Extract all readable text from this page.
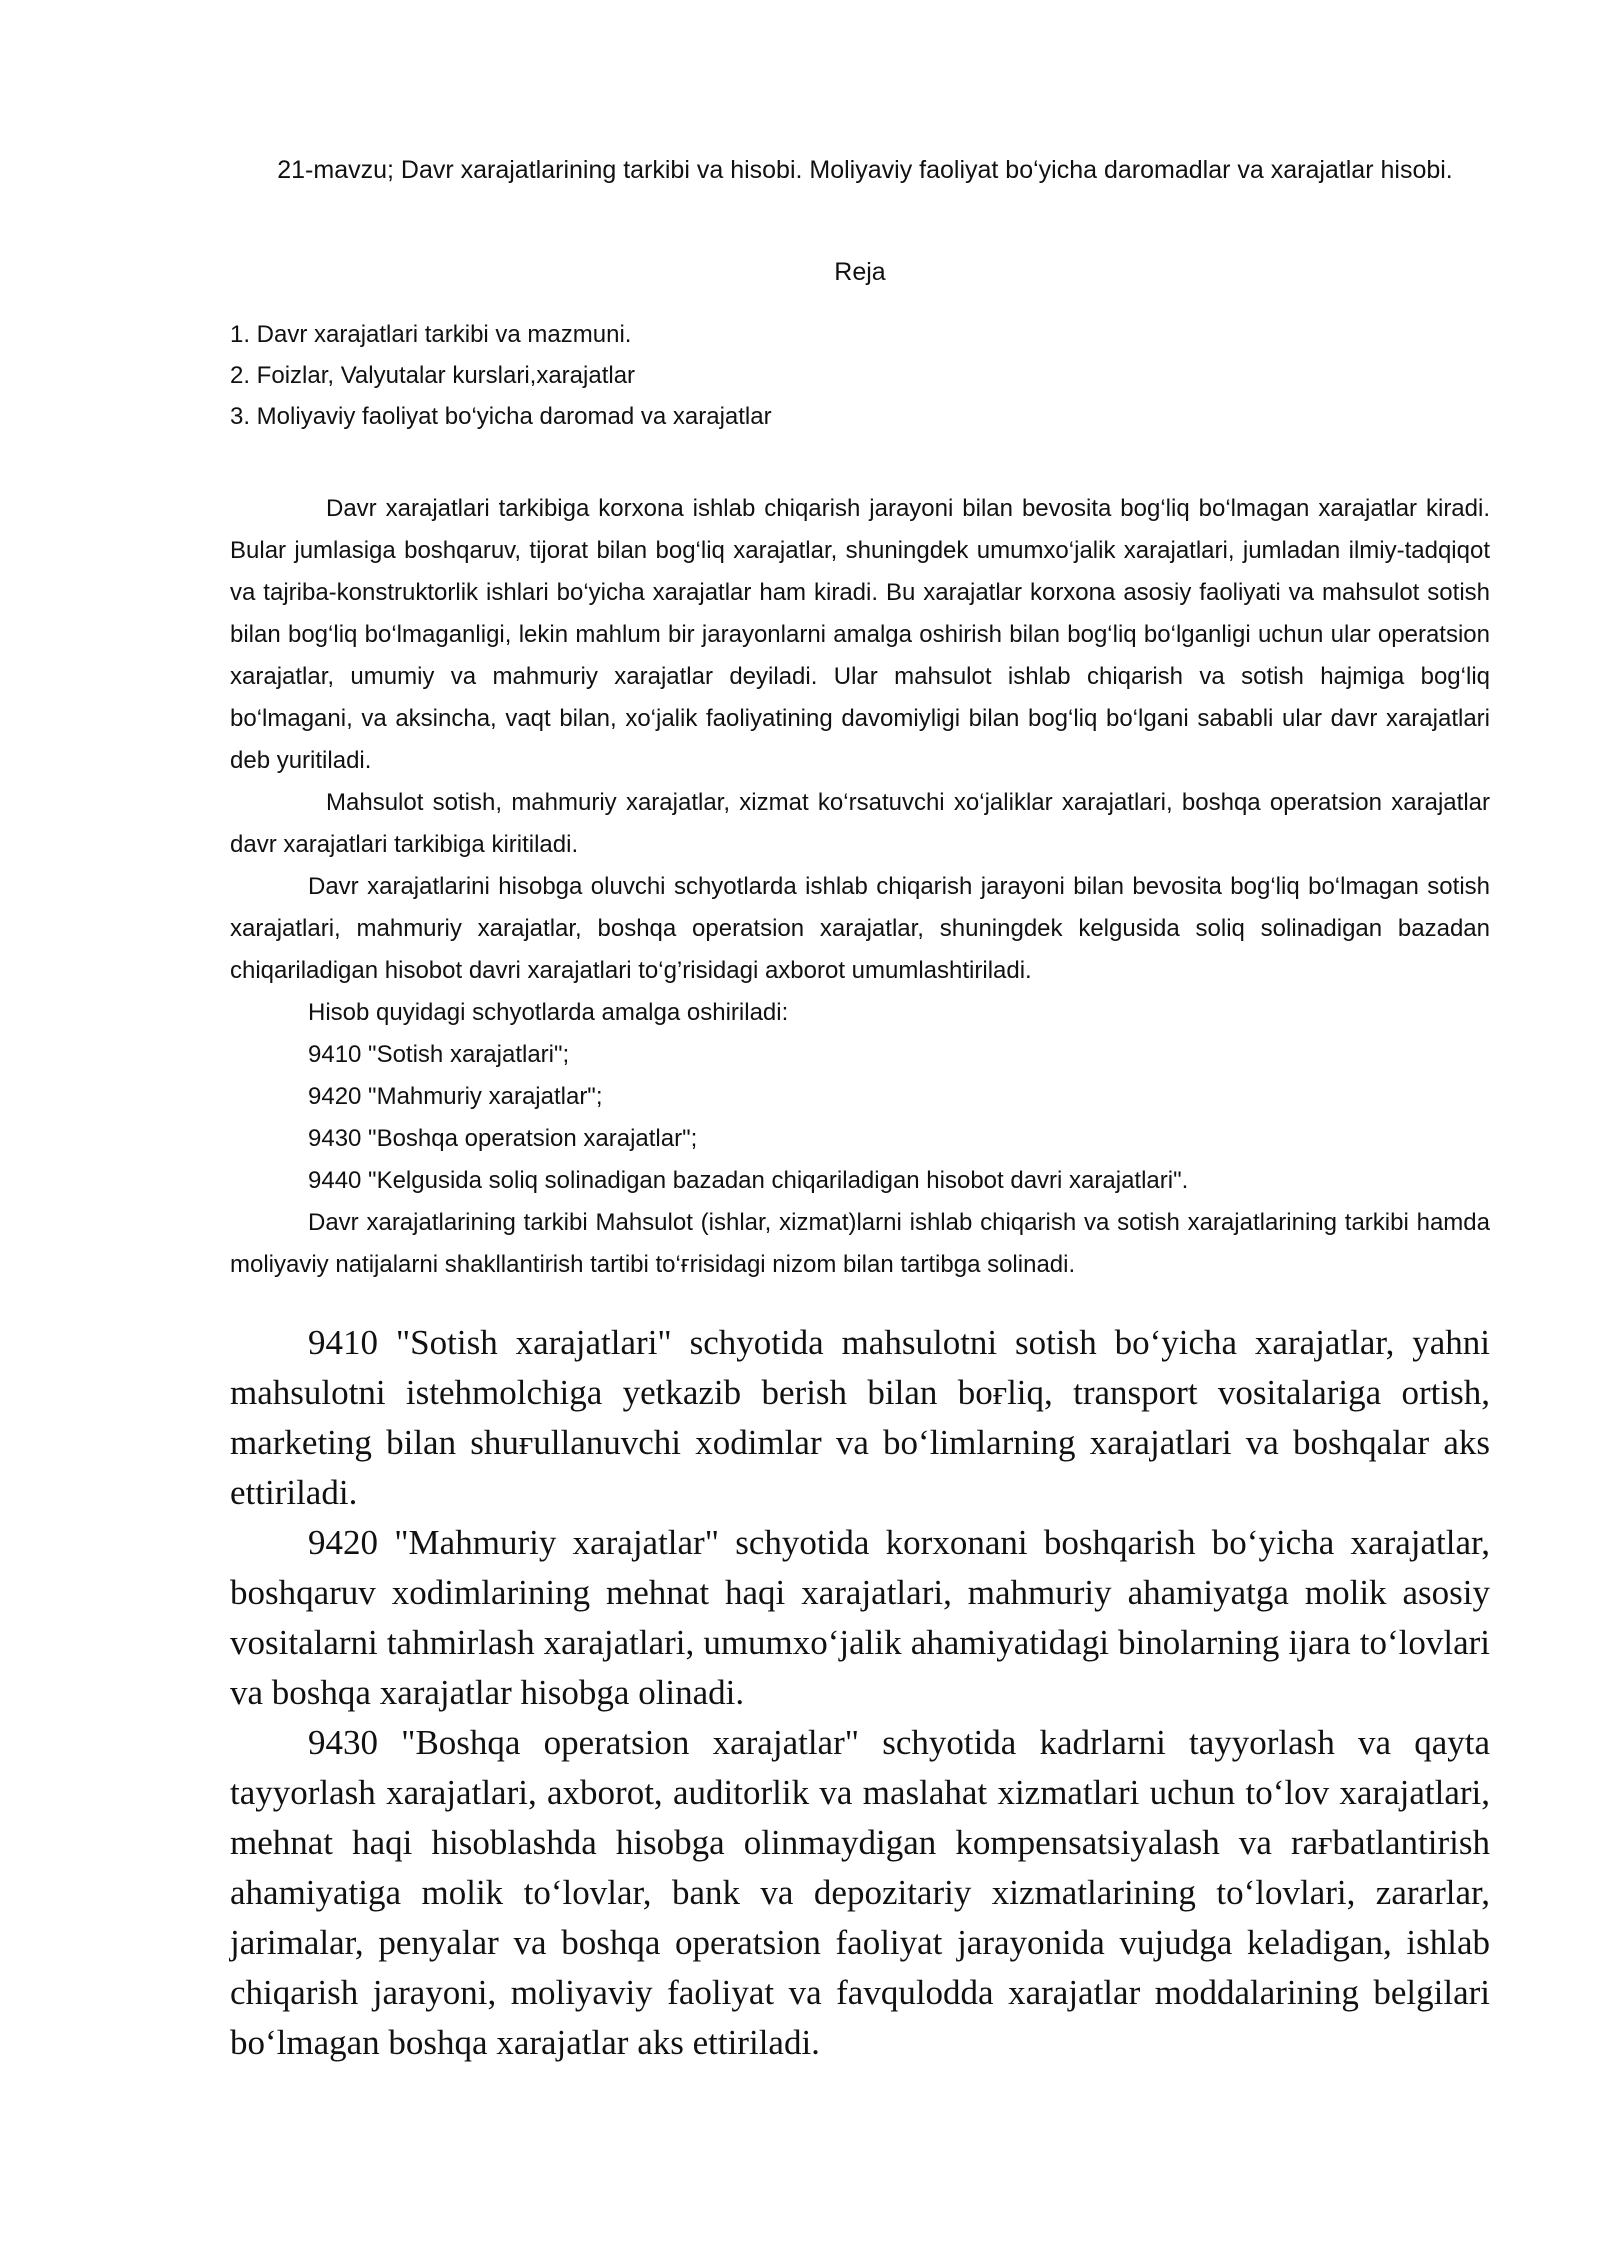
21-mavzu; Davr xarajatlarining tarkibi va hisobi. Moliyaviy faoliyat bo‘yicha daromadlar va xarajatlar hisobi.
Reja
1. Davr xarajatlari tarkibi va mazmuni.
2. Foizlar, Valyutalar kurslari,xarajatlar
3. Moliyaviy faoliyat bo‘yicha daromad va xarajatlar

Davr xarajatlari tarkibiga korxona ishlab chiqarish jarayoni bilan bevosita bog‘liq bo‘lmagan xarajatlar kiradi. Bular jumlasiga boshqaruv, tijorat bilan bog‘liq xarajatlar, shuningdek umumxo‘jalik xarajatlari, jumladan ilmiy-tadqiqot va tajriba-konstruktorlik ishlari bo‘yicha xarajatlar ham kiradi. Bu xarajatlar korxona asosiy faoliyati va mahsulot sotish bilan bog‘liq bo‘lmaganligi, lekin mahlum bir jarayonlarni amalga oshirish bilan bog‘liq bo‘lganligi uchun ular operatsion xarajatlar, umumiy va mahmuriy xarajatlar deyiladi. Ular mahsulot ishlab chiqarish va sotish hajmiga bog‘liq bo‘lmagani, va aksincha, vaqt bilan, xo‘jalik faoliyatining davomiyligi bilan bog‘liq bo‘lgani sababli ular davr xarajatlari deb yuritiladi.

Mahsulot sotish, mahmuriy xarajatlar, xizmat ko‘rsatuvchi xo‘jaliklar xarajatlari, boshqa operatsion xarajatlar davr xarajatlari tarkibiga kiritiladi.

Davr xarajatlarini hisobga oluvchi schyotlarda ishlab chiqarish jarayoni bilan bevosita bog‘liq bo‘lmagan sotish xarajatlari, mahmuriy xarajatlar, boshqa operatsion xarajatlar, shuningdek kelgusida soliq solinadigan bazadan chiqariladigan hisobot davri xarajatlari to‘g’risidagi axborot umumlashtiriladi.

Hisob quyidagi schyotlarda amalga oshiriladi:

9410 "Sotish xarajatlari";

9420 "Mahmuriy xarajatlar";

9430 "Boshqa operatsion xarajatlar";

9440 "Kelgusida soliq solinadigan bazadan chiqariladigan hisobot davri xarajatlari".

Davr xarajatlarining tarkibi Mahsulot (ishlar, xizmat)larni ishlab chiqarish va sotish xarajatlarining tarkibi hamda moliyaviy natijalarni shakllantirish tartibi to‘ғrisidagi nizom bilan tartibga solinadi.

9410 "Sotish xarajatlari" schyotida mahsulotni sotish bo‘yicha xarajatlar, yahni mahsulotni istehmolchiga yetkazib berish bilan boғliq, transport vositalariga ortish, marketing bilan shuғullanuvchi xodimlar va bo‘limlarning xarajatlari va boshqalar aks ettiriladi.

9420 "Mahmuriy xarajatlar" schyotida korxonani boshqarish bo‘yicha xarajatlar, boshqaruv xodimlarining mehnat haqi xarajatlari, mahmuriy ahamiyatga molik asosiy vositalarni tahmirlash xarajatlari, umumxo‘jalik ahamiyatidagi binolarning ijara to‘lovlari va boshqa xarajatlar hisobga olinadi.

9430 "Boshqa operatsion xarajatlar" schyotida kadrlarni tayyorlash va qayta tayyorlash xarajatlari, axborot, auditorlik va maslahat xizmatlari uchun to‘lov xarajatlari, mehnat haqi hisoblashda hisobga olinmaydigan kompensatsiyalash va raғbatlantirish ahamiyatiga molik to‘lovlar, bank va depozitariy xizmatlarining to‘lovlari, zararlar, jarimalar, penyalar va boshqa operatsion faoliyat jarayonida vujudga keladigan, ishlab chiqarish jarayoni, moliyaviy faoliyat va favqulodda xarajatlar moddalarining belgilari bo‘lmagan boshqa xarajatlar aks ettiriladi.
